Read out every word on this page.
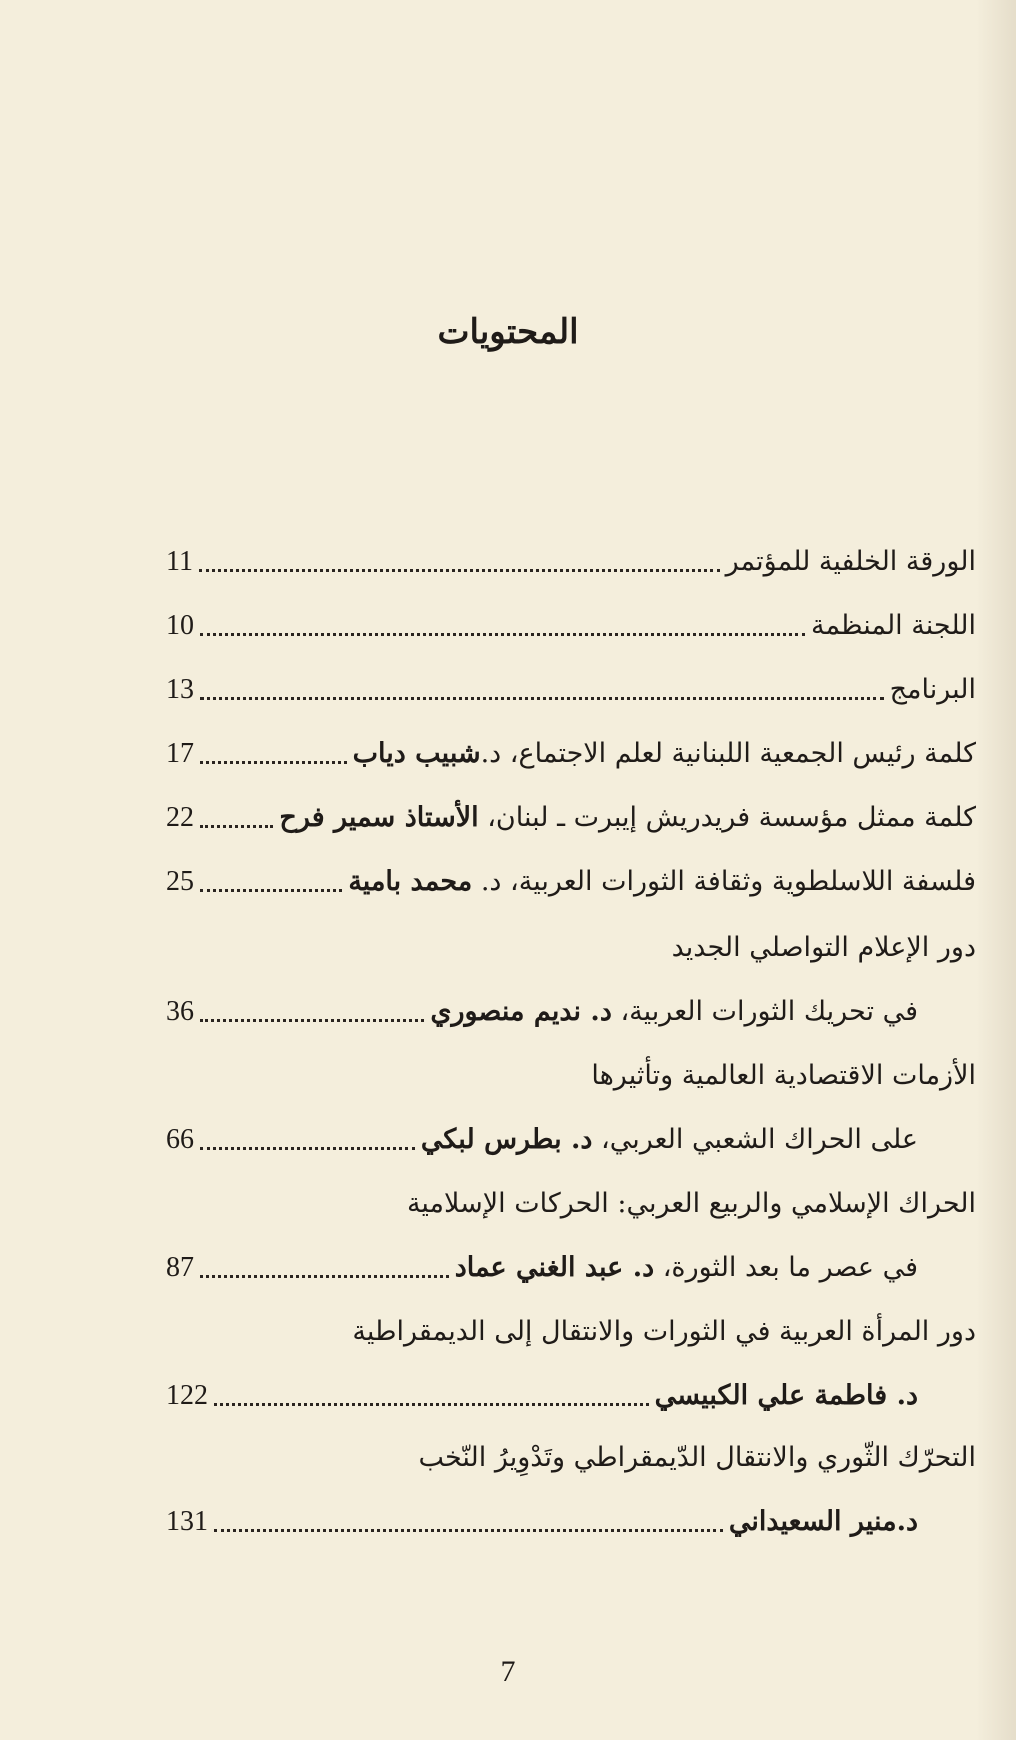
المحتويات
الورقة الخلفية للمؤتمر
11
اللجنة المنظمة
10
البرنامج
13
كلمة رئيس الجمعية اللبنانية لعلم الاجتماع، د.شبيب دياب
17
كلمة ممثل مؤسسة فريدريش إيبرت ـ لبنان، الأستاذ سمير فرح
22
فلسفة اللاسلطوية وثقافة الثورات العربية، د. محمد بامية
25
دور الإعلام التواصلي الجديد
في تحريك الثورات العربية، د. نديم منصوري
36
الأزمات الاقتصادية العالمية وتأثيرها
على الحراك الشعبي العربي، د. بطرس لبكي
66
الحراك الإسلامي والربيع العربي: الحركات الإسلامية
في عصر ما بعد الثورة، د. عبد الغني عماد
87
دور المرأة العربية في الثورات والانتقال إلى الديمقراطية
د. فاطمة علي الكبيسي
122
التحرّك الثّوري والانتقال الدّيمقراطي وتَدْوِيرُ النّخب
د.منير السعيداني
131
7
